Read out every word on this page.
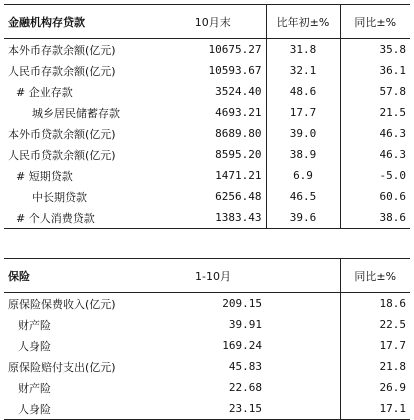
金融机构存贷款	10月末	比年初±%	同比±%
本外币存款余额(亿元)	10675.27	31.8	35.8
人民币存款余额(亿元)	10593.67	32.1	36.1
# 企业存款	3524.40	48.6	57.8
城乡居民储蓄存款	4693.21	17.7	21.5
本外币贷款余额(亿元)	8689.80	39.0	46.3
人民币贷款余额(亿元)	8595.20	38.9	46.3
# 短期贷款	1471.21	6.9	-5.0
中长期贷款	6256.48	46.5	60.6
# 个人消费贷款	1383.43	39.6	38.6
保险	1-10月		同比±%
原保险保费收入(亿元)	209.15		18.6
财产险	39.91		22.5
人身险	169.24		17.7
原保险赔付支出(亿元)	45.83		21.8
财产险	22.68		26.9
人身险	23.15		17.1
